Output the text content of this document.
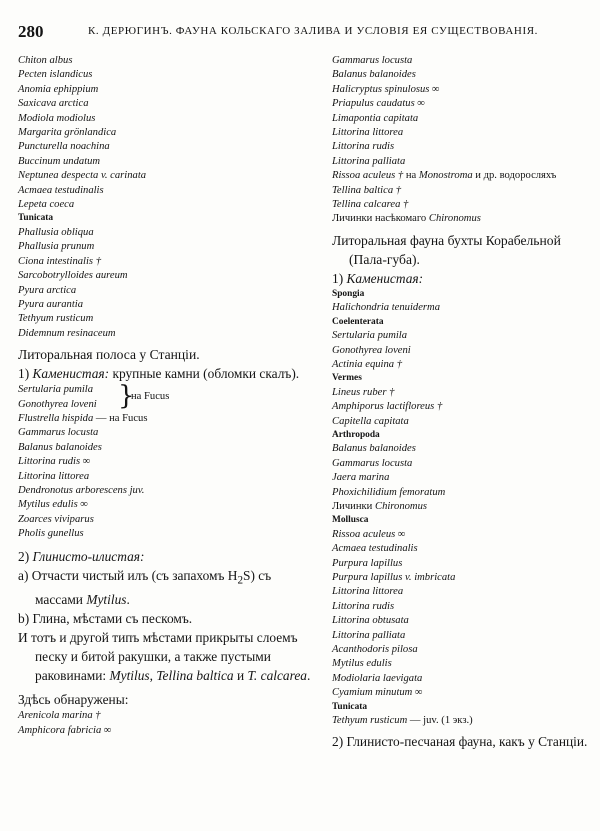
280	К. ДЕРЮГИНЪ. ФАУНА КОЛЬСКАГО ЗАЛИВА И УСЛОВІЯ ЕЯ СУЩЕСТВОВАНІЯ.
Chiton albus
Pecten islandicus
Anomia ephippium
Saxicava arctica
Modiola modiolus
Margarita grönlandica
Puncturella noachina
Buccinum undatum
Neptunea despecta v. carinata
Acmaea testudinalis
Lepeta coeca
Tunicata
Phallusia obliqua
Phallusia prunum
Ciona intestinalis †
Sarcobotrylloides aureum
Pyura arctica
Pyura aurantia
Tethyum rusticum
Didemnum resinaceum
Литоральная полоса у Станціи.
1) Каменистая: крупные камни (обломки скалъ).
Sertularia pumila
Gonothyrea loveni }
на Fucus
Flustrella hispida — на Fucus
Gammarus locusta
Balanus balanoides
Littorina rudis ∞
Littorina littorea
Dendronotus arborescens juv.
Mytilus edulis ∞
Zoarces viviparus
Pholis gunellus
2) Глинисто-илистая:
а) Отчасти чистый илъ (съ запахомъ $H_2S$) съ массами Mytilus.
b) Глина, мѣстами съ пескомъ.
И тотъ и другой типъ мѣстами прикрыты слоемъ песку и битой ракушки, а также пустыми раковинами: Mytilus, Tellina baltica и T. calcarea.
Здѣсь обнаружены:
Arenicola marina †
Amphicora fabricia ∞
Gammarus locusta
Balanus balanoides
Halicryptus spinulosus ∞
Priapulus caudatus ∞
Limapontia capitata
Littorina littorea
Littorina rudis
Littorina palliata
Rissoa aculeus † на Monostroma и др. водоросляхъ
Tellina baltica †
Tellina calcarea †
Личинки насѣкомаго Chironomus
Литоральная фауна бухты Корабельной (Пала-губа).
1) Каменистая:
Spongia
Halichondria tenuiderma
Coelenterata
Sertularia pumila
Gonothyrea loveni
Actinia equina †
Vermes
Lineus ruber †
Amphiporus lactifloreus †
Capitella capitata
Arthropoda
Balanus balanoides
Gammarus locusta
Jaera marina
Phoxichilidium femoratum
Личинки Chironomus
Mollusca
Rissoa aculeus ∞
Acmaea testudinalis
Purpura lapillus
Purpura lapillus v. imbricata
Littorina littorea
Littorina rudis
Littorina obtusata
Littorina palliata
Acanthodoris pilosa
Mytilus edulis
Modiolaria laevigata
Cyamium minutum ∞
Tunicata
Tethyum rusticum — juv. (1 экз.)
2) Глинисто-песчаная фауна, какъ у Станціи.
